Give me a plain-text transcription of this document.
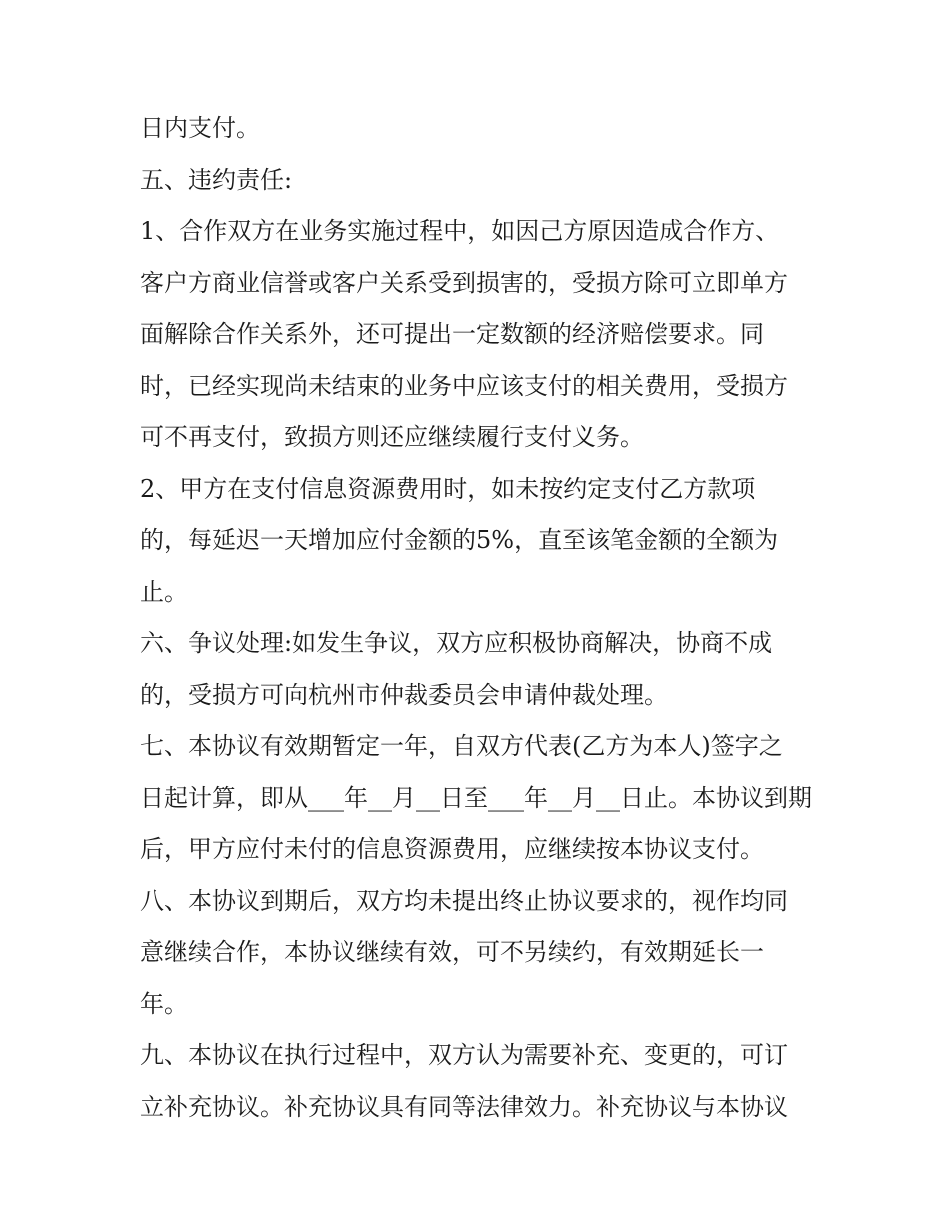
日内支付。
五、违约责任:
1、合作双方在业务实施过程中，如因己方原因造成合作方、
客户方商业信誉或客户关系受到损害的，受损方除可立即单方
面解除合作关系外，还可提出一定数额的经济赔偿要求。同
时，已经实现尚未结束的业务中应该支付的相关费用，受损方
可不再支付，致损方则还应继续履行支付义务。
2、甲方在支付信息资源费用时，如未按约定支付乙方款项
的，每延迟一天增加应付金额的5%，直至该笔金额的全额为
止。
六、争议处理:如发生争议，双方应积极协商解决，协商不成
的，受损方可向杭州市仲裁委员会申请仲裁处理。
七、本协议有效期暂定一年，自双方代表(乙方为本人)签字之
日起计算，即从___年__月__日至___年__月__日止。本协议到期
后，甲方应付未付的信息资源费用，应继续按本协议支付。
八、本协议到期后，双方均未提出终止协议要求的，视作均同
意继续合作，本协议继续有效，可不另续约，有效期延长一
年。
九、本协议在执行过程中，双方认为需要补充、变更的，可订
立补充协议。补充协议具有同等法律效力。补充协议与本协议
